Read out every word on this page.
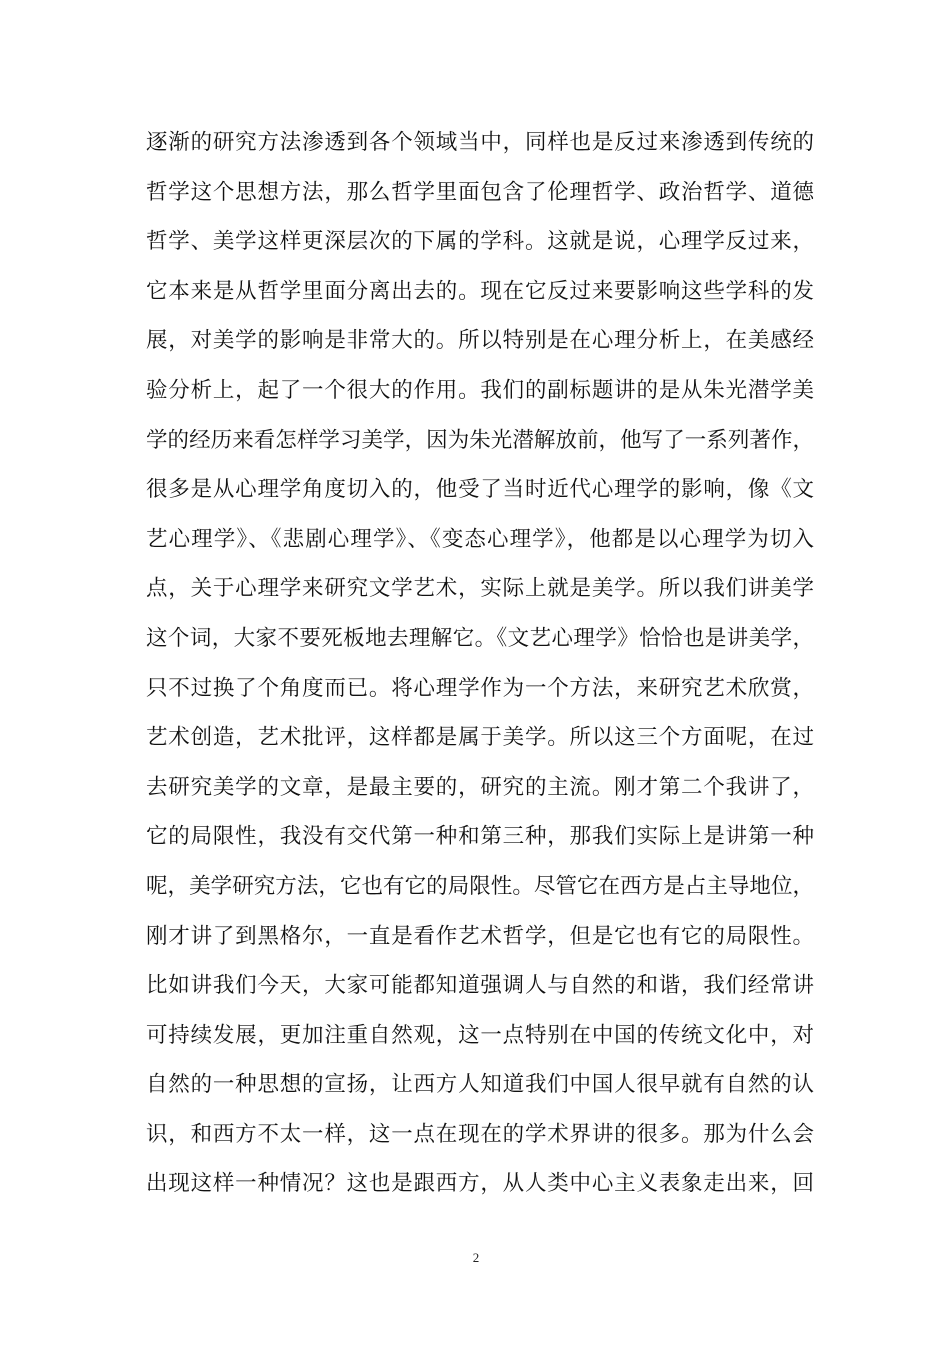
逐渐的研究方法渗透到各个领域当中，同样也是反过来渗透到传统的
哲学这个思想方法，那么哲学里面包含了伦理哲学、政治哲学、道德
哲学、美学这样更深层次的下属的学科。这就是说，心理学反过来，
它本来是从哲学里面分离出去的。现在它反过来要影响这些学科的发
展，对美学的影响是非常大的。所以特别是在心理分析上，在美感经
验分析上，起了一个很大的作用。我们的副标题讲的是从朱光潜学美
学的经历来看怎样学习美学，因为朱光潜解放前，他写了一系列著作，
很多是从心理学角度切入的，他受了当时近代心理学的影响，像《文
艺心理学》、《悲剧心理学》、《变态心理学》，他都是以心理学为切入
点，关于心理学来研究文学艺术，实际上就是美学。所以我们讲美学
这个词，大家不要死板地去理解它。《文艺心理学》恰恰也是讲美学，
只不过换了个角度而已。将心理学作为一个方法，来研究艺术欣赏，
艺术创造，艺术批评，这样都是属于美学。所以这三个方面呢，在过
去研究美学的文章，是最主要的，研究的主流。刚才第二个我讲了，
它的局限性，我没有交代第一种和第三种，那我们实际上是讲第一种
呢，美学研究方法，它也有它的局限性。尽管它在西方是占主导地位，
刚才讲了到黑格尔，一直是看作艺术哲学，但是它也有它的局限性。
比如讲我们今天，大家可能都知道强调人与自然的和谐，我们经常讲
可持续发展，更加注重自然观，这一点特别在中国的传统文化中，对
自然的一种思想的宣扬，让西方人知道我们中国人很早就有自然的认
识，和西方不太一样，这一点在现在的学术界讲的很多。那为什么会
出现这样一种情况？这也是跟西方，从人类中心主义表象走出来，回
2
